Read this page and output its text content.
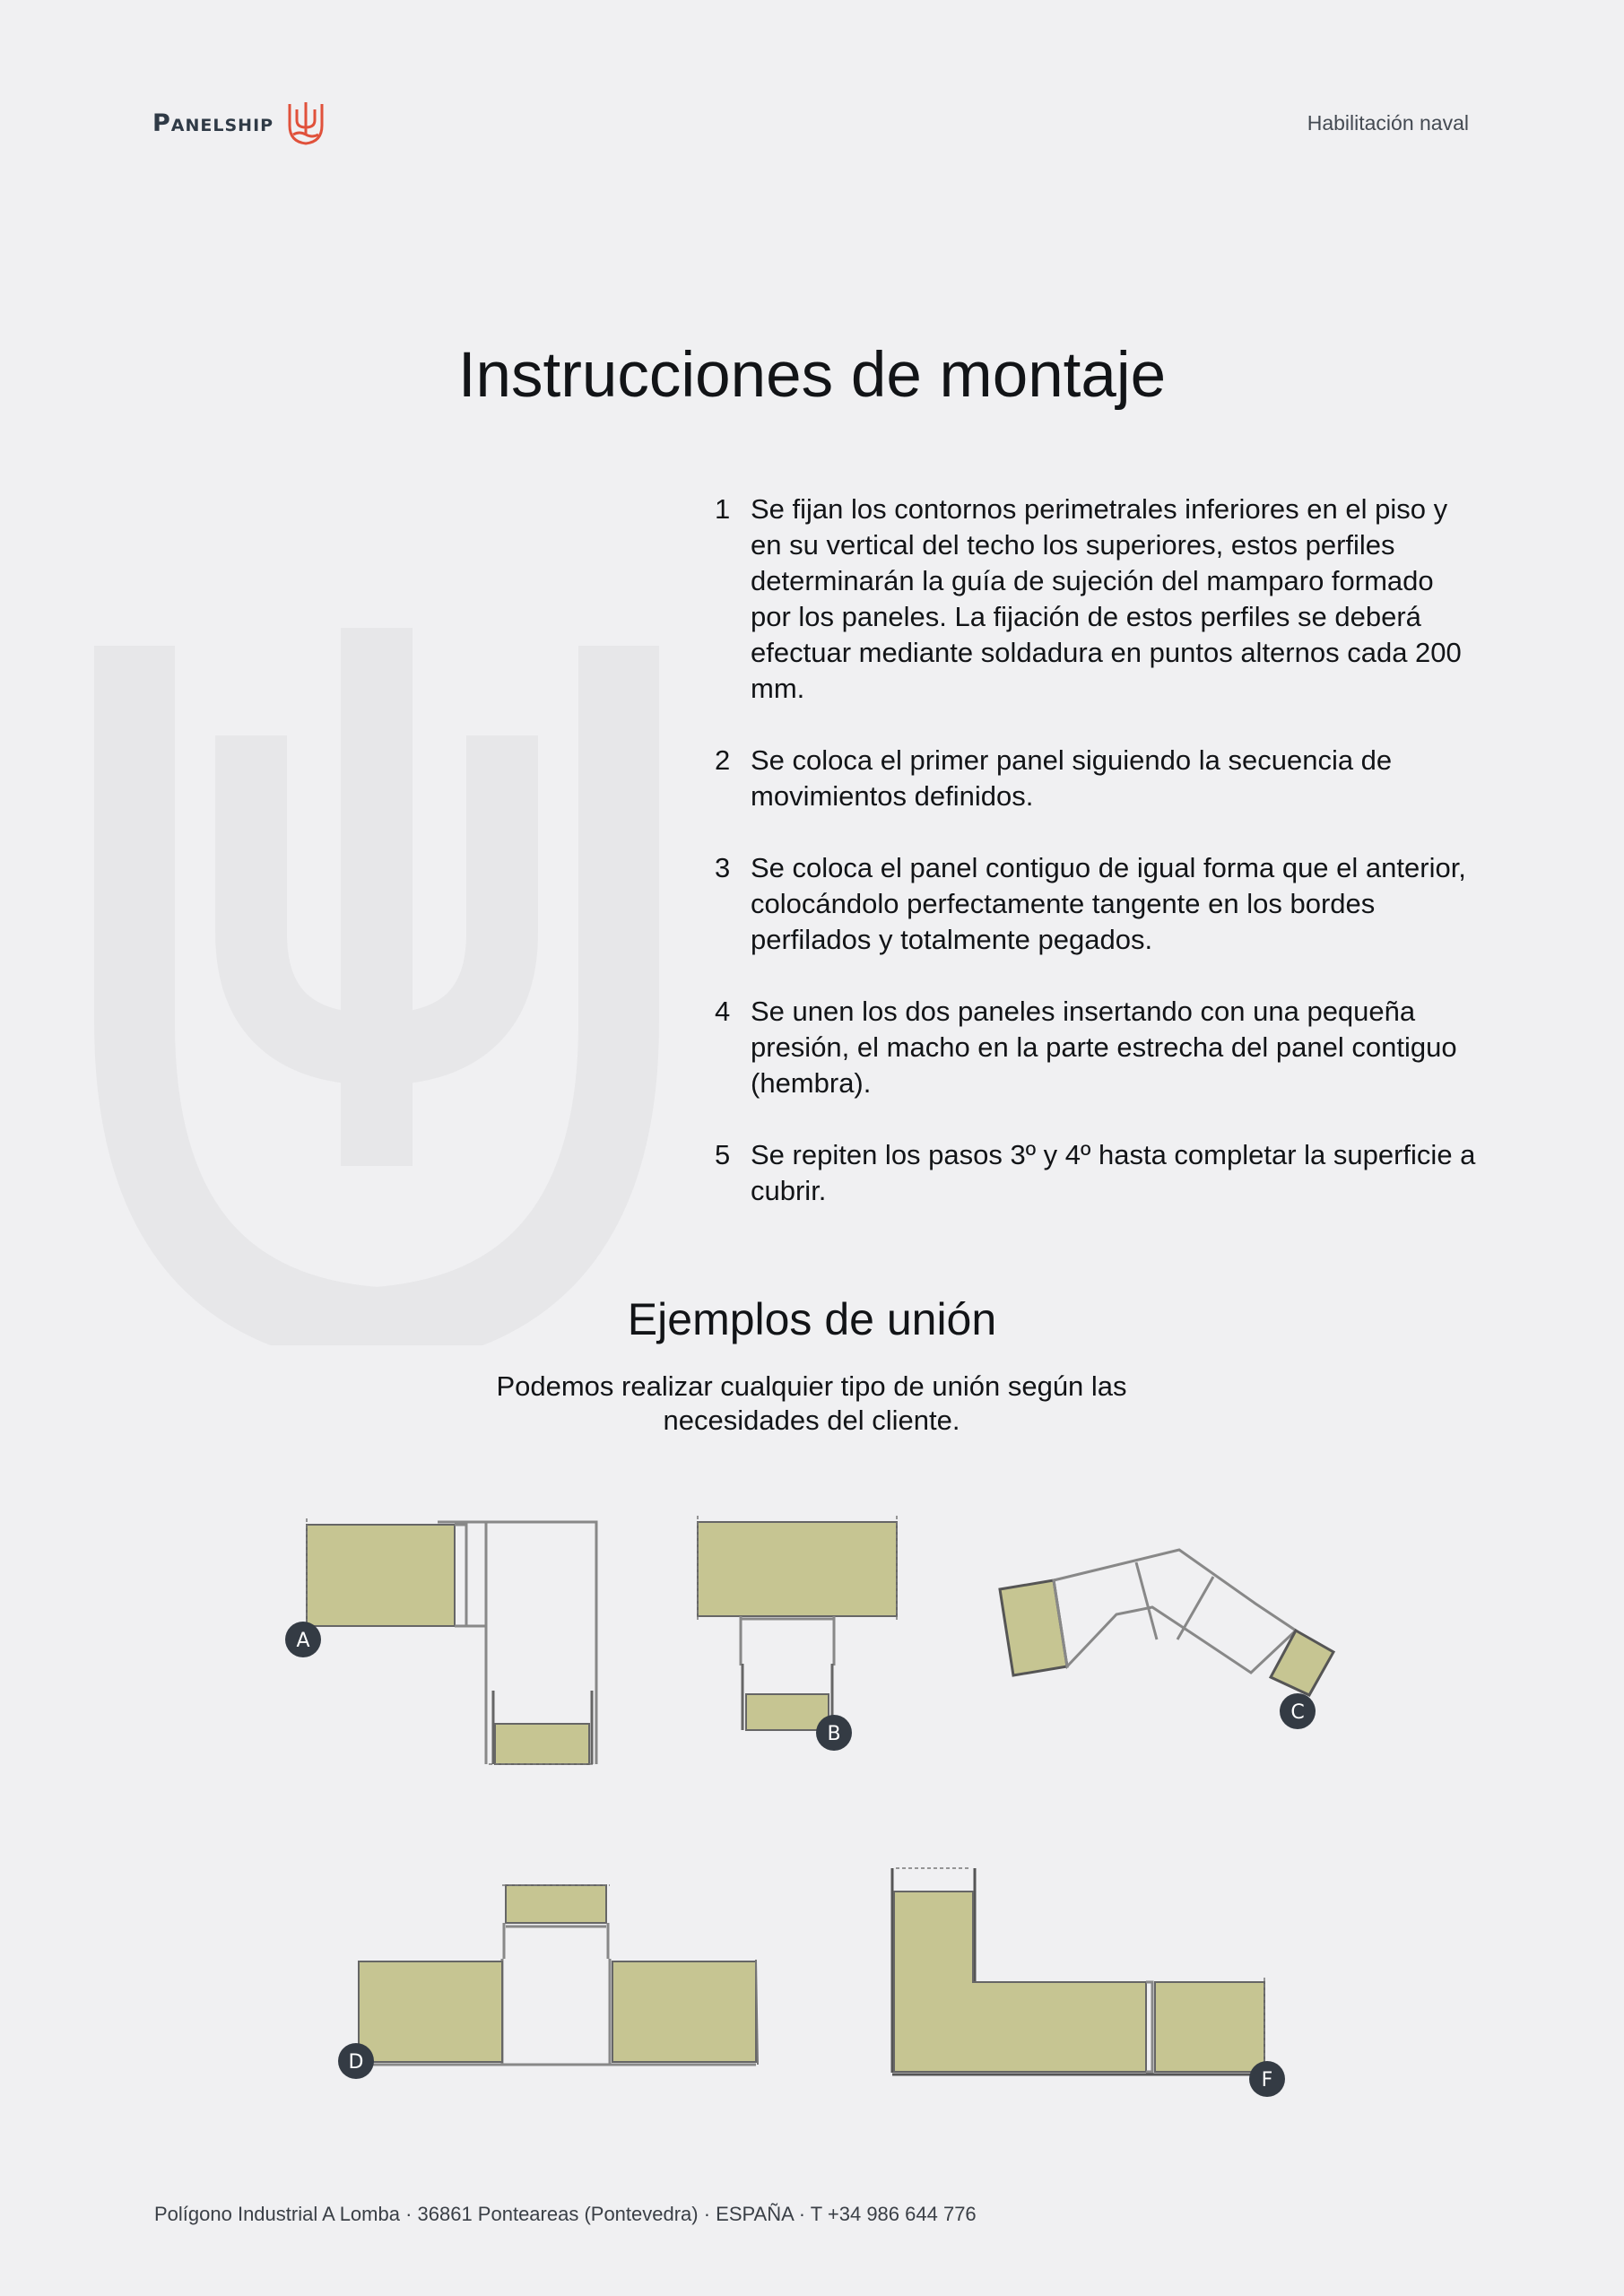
Panelship	Habilitación naval
Instrucciones de montaje
1 Se fijan los contornos perimetrales inferiores en el piso y en su vertical del techo los superiores, estos perfiles determinarán la guía de sujeción del mamparo formado por los paneles. La fijación de estos perfiles se deberá efectuar mediante soldadura en puntos alternos cada 200 mm.
2 Se coloca el primer panel siguiendo la secuencia de movimientos definidos.
3 Se coloca el panel contiguo de igual forma que el anterior, colocándolo perfectamente tangente en los bordes perfilados y totalmente pegados.
4 Se unen los dos paneles insertando con una pequeña presión, el macho en la parte estrecha del panel contiguo (hembra).
5 Se repiten los pasos 3º y 4º hasta completar la superficie a cubrir.
Ejemplos de unión

Podemos realizar cualquier tipo de unión según las necesidades del cliente.

A
B
C
D
F
Polígono Industrial A Lomba · 36861 Ponteareas (Pontevedra) · ESPAÑA · T +34 986 644 776
